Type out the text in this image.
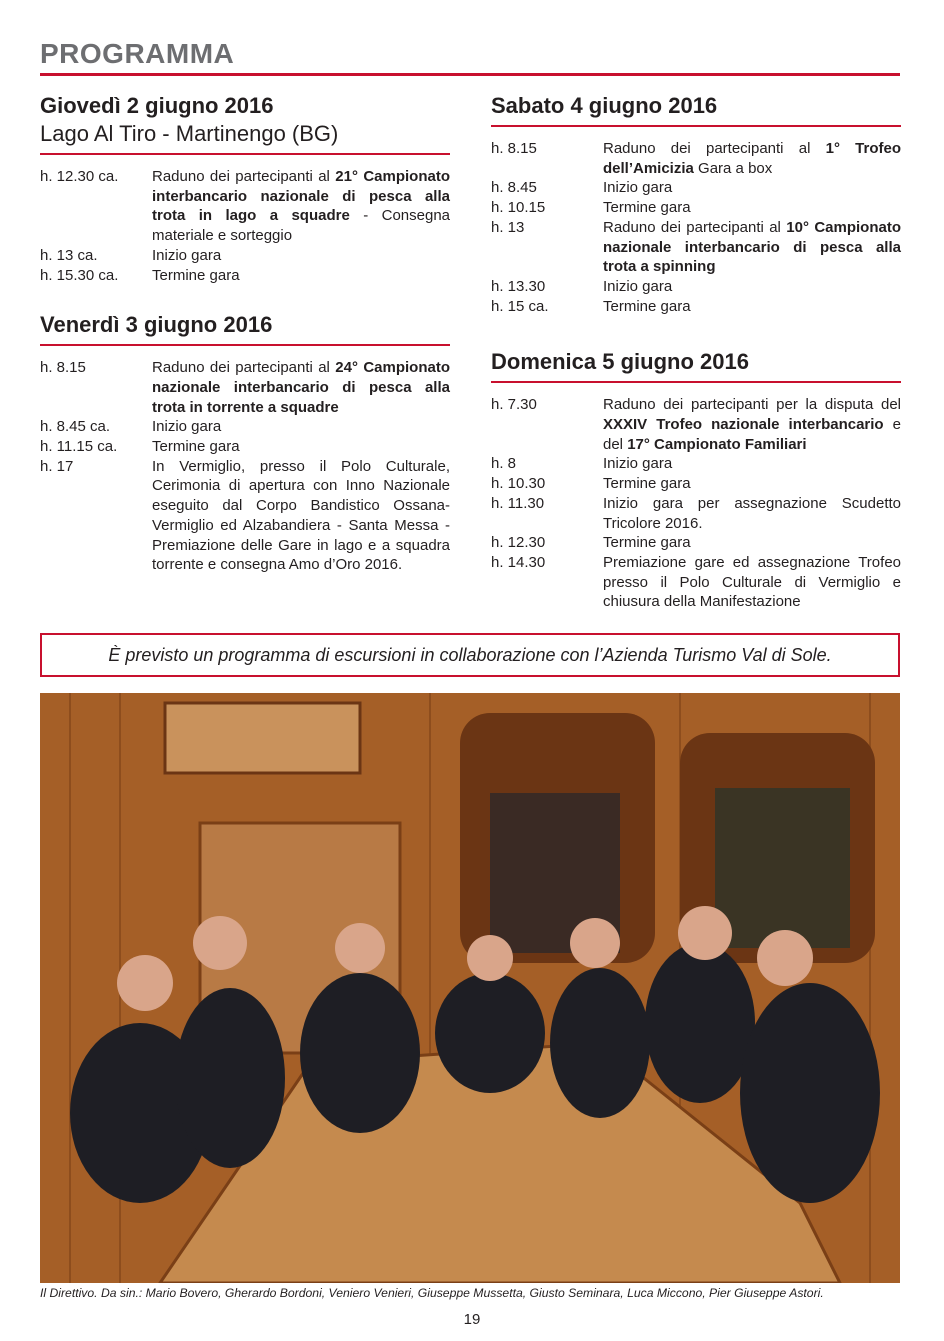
PROGRAMMA
Giovedì 2 giugno 2016

Lago Al Tiro - Martinengo (BG)

h. 12.30 ca.	Raduno dei partecipanti al 21° Campionato interbancario nazionale di pesca alla trota in lago a squadre - Consegna materiale e sorteggio
h. 13 ca.	Inizio gara
h. 15.30 ca.	Termine gara
Venerdì 3 giugno 2016
h. 8.15	Raduno dei partecipanti al 24° Campionato nazionale interbancario di pesca alla trota in torrente a squadre
h. 8.45 ca.	Inizio gara
h. 11.15 ca.	Termine gara
h. 17	In Vermiglio, presso il Polo Culturale, Cerimonia di apertura con Inno Nazionale eseguito dal Corpo Bandistico Ossana-Vermiglio ed Alzabandiera - Santa Messa - Premiazione delle Gare in lago e a squadra torrente e consegna Amo d’Oro 2016.
Sabato 4 giugno 2016
h. 8.15	Raduno dei partecipanti al 1° Trofeo dell’Amicizia Gara a box
h. 8.45	Inizio gara
h. 10.15	Termine gara
h. 13	Raduno dei partecipanti al 10° Campionato nazionale interbancario di pesca alla trota a spinning
h. 13.30	Inizio gara
h. 15 ca.	Termine gara
Domenica 5 giugno 2016
h. 7.30	Raduno dei partecipanti per la disputa del XXXIV Trofeo nazionale interbancario e del 17° Campionato Familiari
h. 8	Inizio gara
h. 10.30	Termine gara
h. 11.30	Inizio gara per assegnazione Scudetto Tricolore 2016.
h. 12.30	Termine gara
h. 14.30	Premiazione gare ed assegnazione Trofeo presso il Polo Culturale di Vermiglio e chiusura della Manifestazione
È previsto un programma di escursioni in collaborazione con l’Azienda Turismo Val di Sole.
Il Direttivo. Da sin.: Mario Bovero, Gherardo Bordoni, Veniero Venieri, Giuseppe Mussetta, Giusto Seminara, Luca Miccono, Pier Giuseppe Astori.
19
